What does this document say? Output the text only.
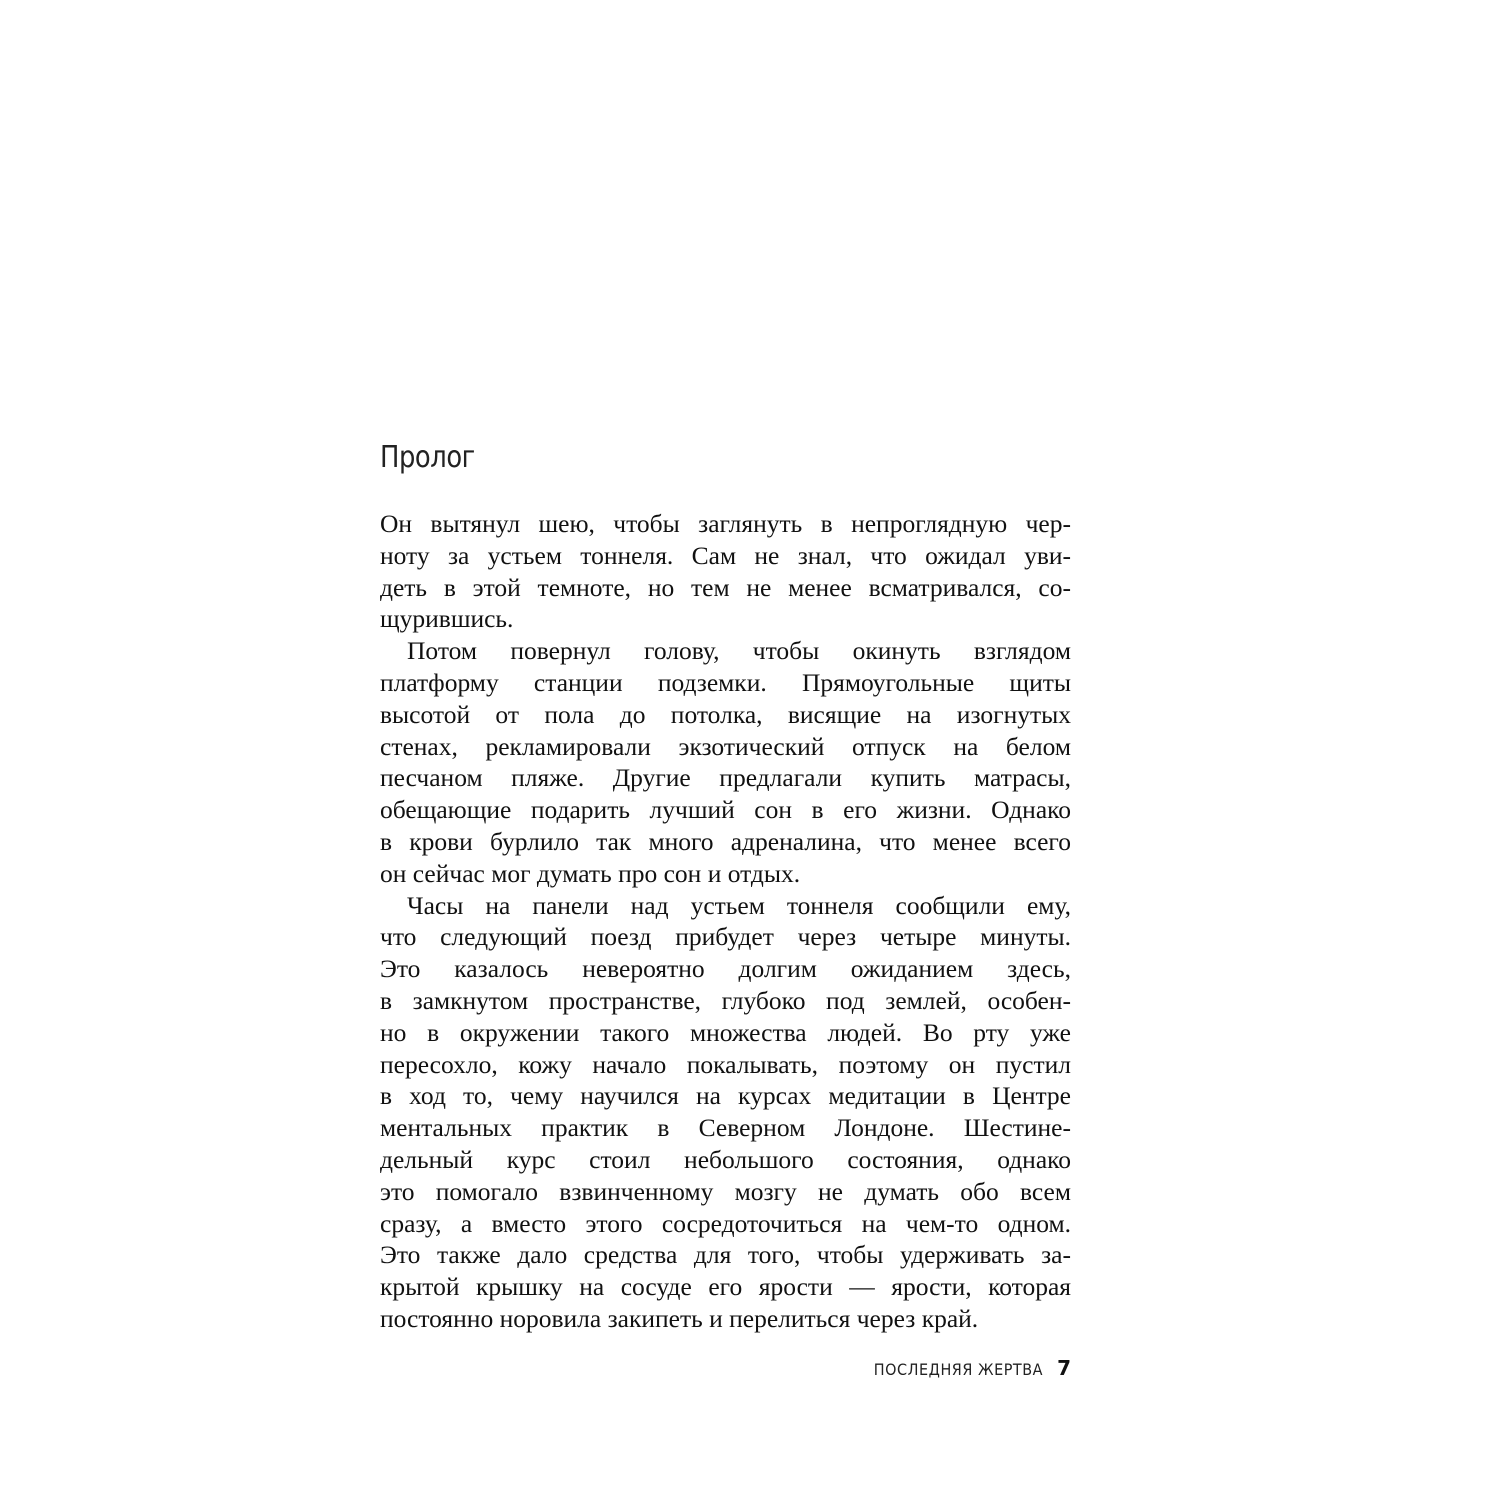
Пролог
Он вытянул шею, чтобы заглянуть в непроглядную чер-
ноту за устьем тоннеля. Сам не знал, что ожидал уви-
деть в этой темноте, но тем не менее всматривался, со-
щурившись.
Потом повернул голову, чтобы окинуть взглядом
платформу станции подземки. Прямоугольные щиты
высотой от пола до потолка, висящие на изогнутых
стенах, рекламировали экзотический отпуск на белом
песчаном пляже. Другие предлагали купить матрасы,
обещающие подарить лучший сон в его жизни. Однако
в крови бурлило так много адреналина, что менее всего
он сейчас мог думать про сон и отдых.
Часы на панели над устьем тоннеля сообщили ему,
что следующий поезд прибудет через четыре минуты.
Это казалось невероятно долгим ожиданием здесь,
в замкнутом пространстве, глубоко под землей, особен-
но в окружении такого множества людей. Во рту уже
пересохло, кожу начало покалывать, поэтому он пустил
в ход то, чему научился на курсах медитации в Центре
ментальных практик в Северном Лондоне. Шестине-
дельный курс стоил небольшого состояния, однако
это помогало взвинченному мозгу не думать обо всем
сразу, а вместо этого сосредоточиться на чем-то одном.
Это также дало средства для того, чтобы удерживать за-
крытой крышку на сосуде его ярости — ярости, которая
постоянно норовила закипеть и перелиться через край.
ПОСЛЕДНЯЯ ЖЕРТВА 7
